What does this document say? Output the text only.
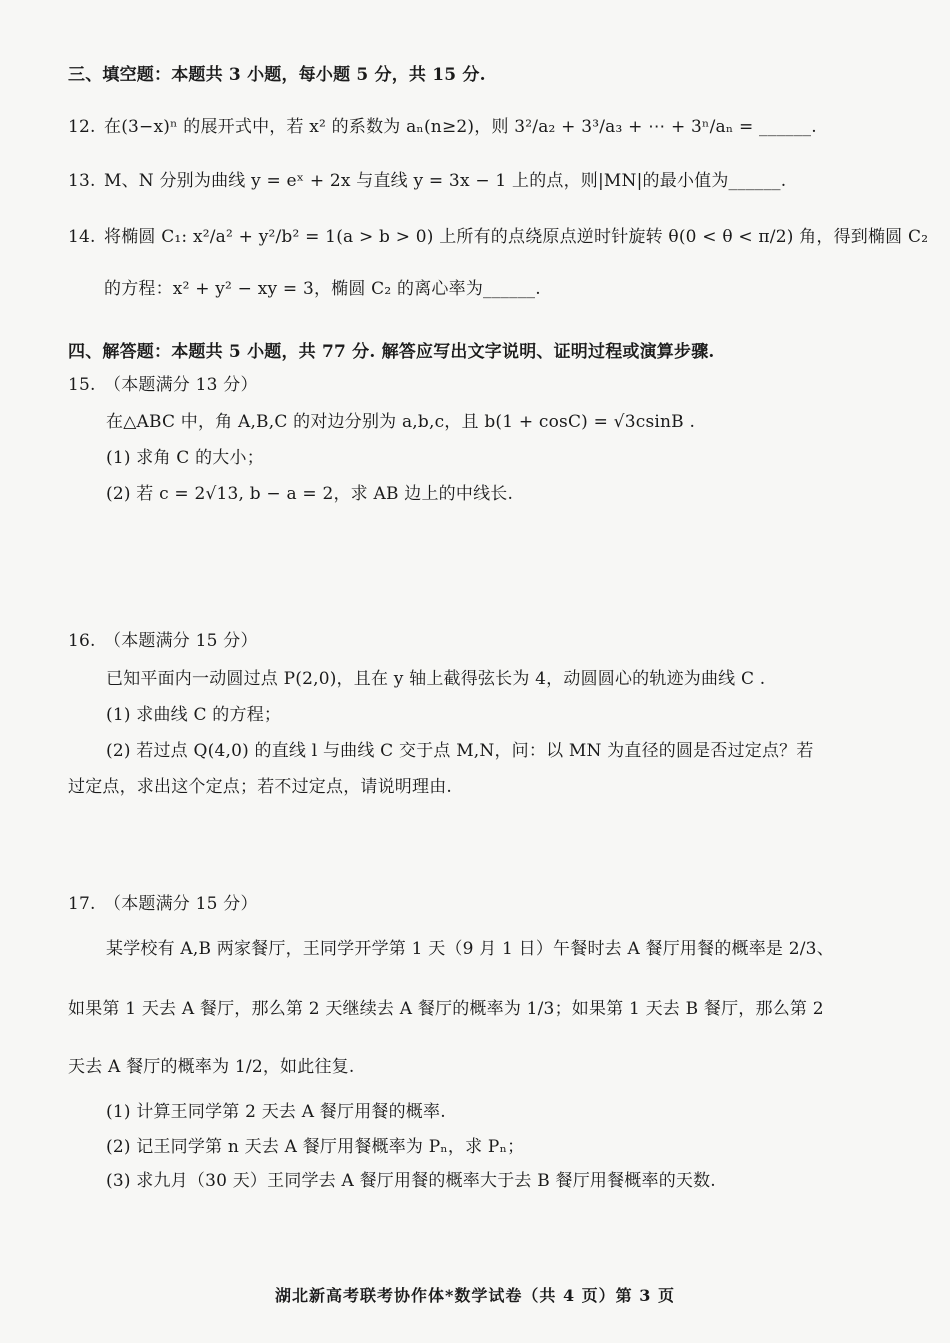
三、填空题：本题共 3 小题，每小题 5 分，共 15 分.
12. 在(3−x)ⁿ 的展开式中，若 x² 的系数为 aₙ(n≥2)，则 3²/a₂ + 3³/a₃ + ⋯ + 3ⁿ/aₙ = ______.
13. M、N 分别为曲线 y = eˣ + 2x 与直线 y = 3x − 1 上的点，则|MN|的最小值为______.
14. 将椭圆 C₁: x²/a² + y²/b² = 1(a > b > 0) 上所有的点绕原点逆时针旋转 θ(0 < θ < π/2) 角，得到椭圆 C₂
的方程：x² + y² − xy = 3，椭圆 C₂ 的离心率为______.
四、解答题：本题共 5 小题，共 77 分. 解答应写出文字说明、证明过程或演算步骤.
15. （本题满分 13 分）
在△ABC 中，角 A,B,C 的对边分别为 a,b,c，且 b(1 + cosC) = √3csinB .
(1) 求角 C 的大小；
(2) 若 c = 2√13, b − a = 2，求 AB 边上的中线长.
16. （本题满分 15 分）
已知平面内一动圆过点 P(2,0)，且在 y 轴上截得弦长为 4，动圆圆心的轨迹为曲线 C .
(1) 求曲线 C 的方程；
(2) 若过点 Q(4,0) 的直线 l 与曲线 C 交于点 M,N，问：以 MN 为直径的圆是否过定点？若
过定点，求出这个定点；若不过定点，请说明理由.
17. （本题满分 15 分）
某学校有 A,B 两家餐厅，王同学开学第 1 天（9 月 1 日）午餐时去 A 餐厅用餐的概率是 2/3、
如果第 1 天去 A 餐厅，那么第 2 天继续去 A 餐厅的概率为 1/3；如果第 1 天去 B 餐厅，那么第 2
天去 A 餐厅的概率为 1/2，如此往复.
(1) 计算王同学第 2 天去 A 餐厅用餐的概率.
(2) 记王同学第 n 天去 A 餐厅用餐概率为 Pₙ，求 Pₙ；
(3) 求九月（30 天）王同学去 A 餐厅用餐的概率大于去 B 餐厅用餐概率的天数.
湖北新高考联考协作体*数学试卷（共 4 页）第 3 页
